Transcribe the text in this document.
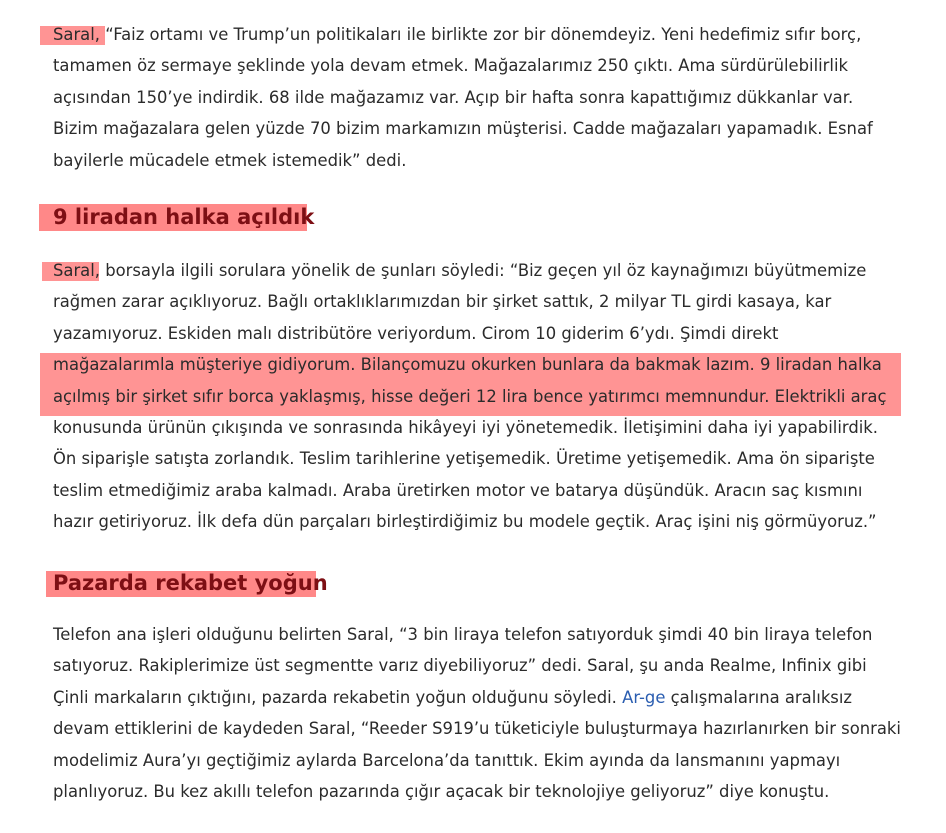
Saral, “Faiz ortamı ve Trump’un politikaları ile birlikte zor bir dönemdeyiz. Yeni hedefimiz sıfır borç,
tamamen öz sermaye şeklinde yola devam etmek. Mağazalarımız 250 çıktı. Ama sürdürülebilirlik
açısından 150’ye indirdik. 68 ilde mağazamız var. Açıp bir hafta sonra kapattığımız dükkanlar var.
Bizim mağazalara gelen yüzde 70 bizim markamızın müşterisi. Cadde mağazaları yapamadık. Esnaf
bayilerle mücadele etmek istemedik” dedi.
9 liradan halka açıldık
Saral, borsayla ilgili sorulara yönelik de şunları söyledi: “Biz geçen yıl öz kaynağımızı büyütmemize
rağmen zarar açıklıyoruz. Bağlı ortaklıklarımızdan bir şirket sattık, 2 milyar TL girdi kasaya, kar
yazamıyoruz. Eskiden malı distribütöre veriyordum. Cirom 10 giderim 6’ydı. Şimdi direkt
mağazalarımla müşteriye gidiyorum. Bilançomuzu okurken bunlara da bakmak lazım. 9 liradan halka
açılmış bir şirket sıfır borca yaklaşmış, hisse değeri 12 lira bence yatırımcı memnundur. Elektrikli araç
konusunda ürünün çıkışında ve sonrasında hikâyeyi iyi yönetemedik. İletişimini daha iyi yapabilirdik.
Ön siparişle satışta zorlandık. Teslim tarihlerine yetişemedik. Üretime yetişemedik. Ama ön siparişte
teslim etmediğimiz araba kalmadı. Araba üretirken motor ve batarya düşündük. Aracın saç kısmını
hazır getiriyoruz. İlk defa dün parçaları birleştirdiğimiz bu modele geçtik. Araç işini niş görmüyoruz.”
Pazarda rekabet yoğun
Telefon ana işleri olduğunu belirten Saral, “3 bin liraya telefon satıyorduk şimdi 40 bin liraya telefon
satıyoruz. Rakiplerimize üst segmentte varız diyebiliyoruz” dedi. Saral, şu anda Realme, Infinix gibi
Çinli markaların çıktığını, pazarda rekabetin yoğun olduğunu söyledi. Ar-ge çalışmalarına aralıksız
devam ettiklerini de kaydeden Saral, “Reeder S919’u tüketiciyle buluşturmaya hazırlanırken bir sonraki
modelimiz Aura’yı geçtiğimiz aylarda Barcelona’da tanıttık. Ekim ayında da lansmanını yapmayı
planlıyoruz. Bu kez akıllı telefon pazarında çığır açacak bir teknolojiye geliyoruz” diye konuştu.
